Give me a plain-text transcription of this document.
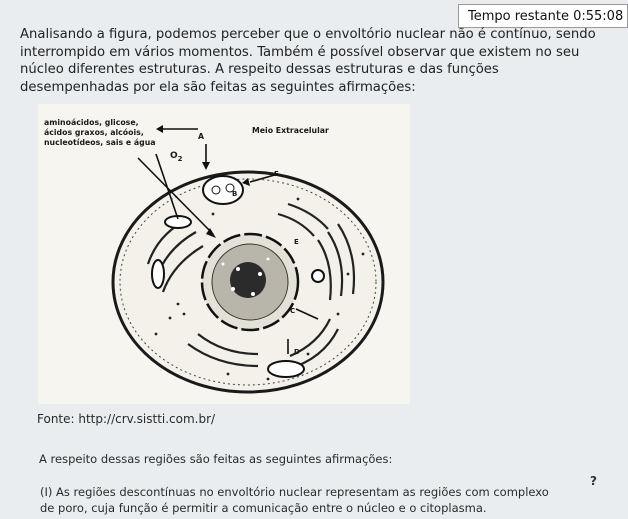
Tempo restante 0:55:08

Analisando a figura, podemos perceber que o envoltório nuclear não é contínuo, sendo interrompido em vários momentos. Também é possível observar que existem no seu núcleo diferentes estruturas. A respeito dessas estruturas e das funções desempenhadas por ela são feitas as seguintes afirmações:

aminoácidos, glicose,
ácidos graxos, alcóois,
nucleotídeos, sais e água
Meio Extracelular
A
B
C
D
E
F
$O_2$
Fonte: http://crv.sistti.com.br/
A respeito dessas regiões são feitas as seguintes afirmações:

(I) As regiões descontínuas no envoltório nuclear representam as regiões com complexo de poro, cuja função é permitir a comunicação entre o núcleo e o citoplasma.

?
